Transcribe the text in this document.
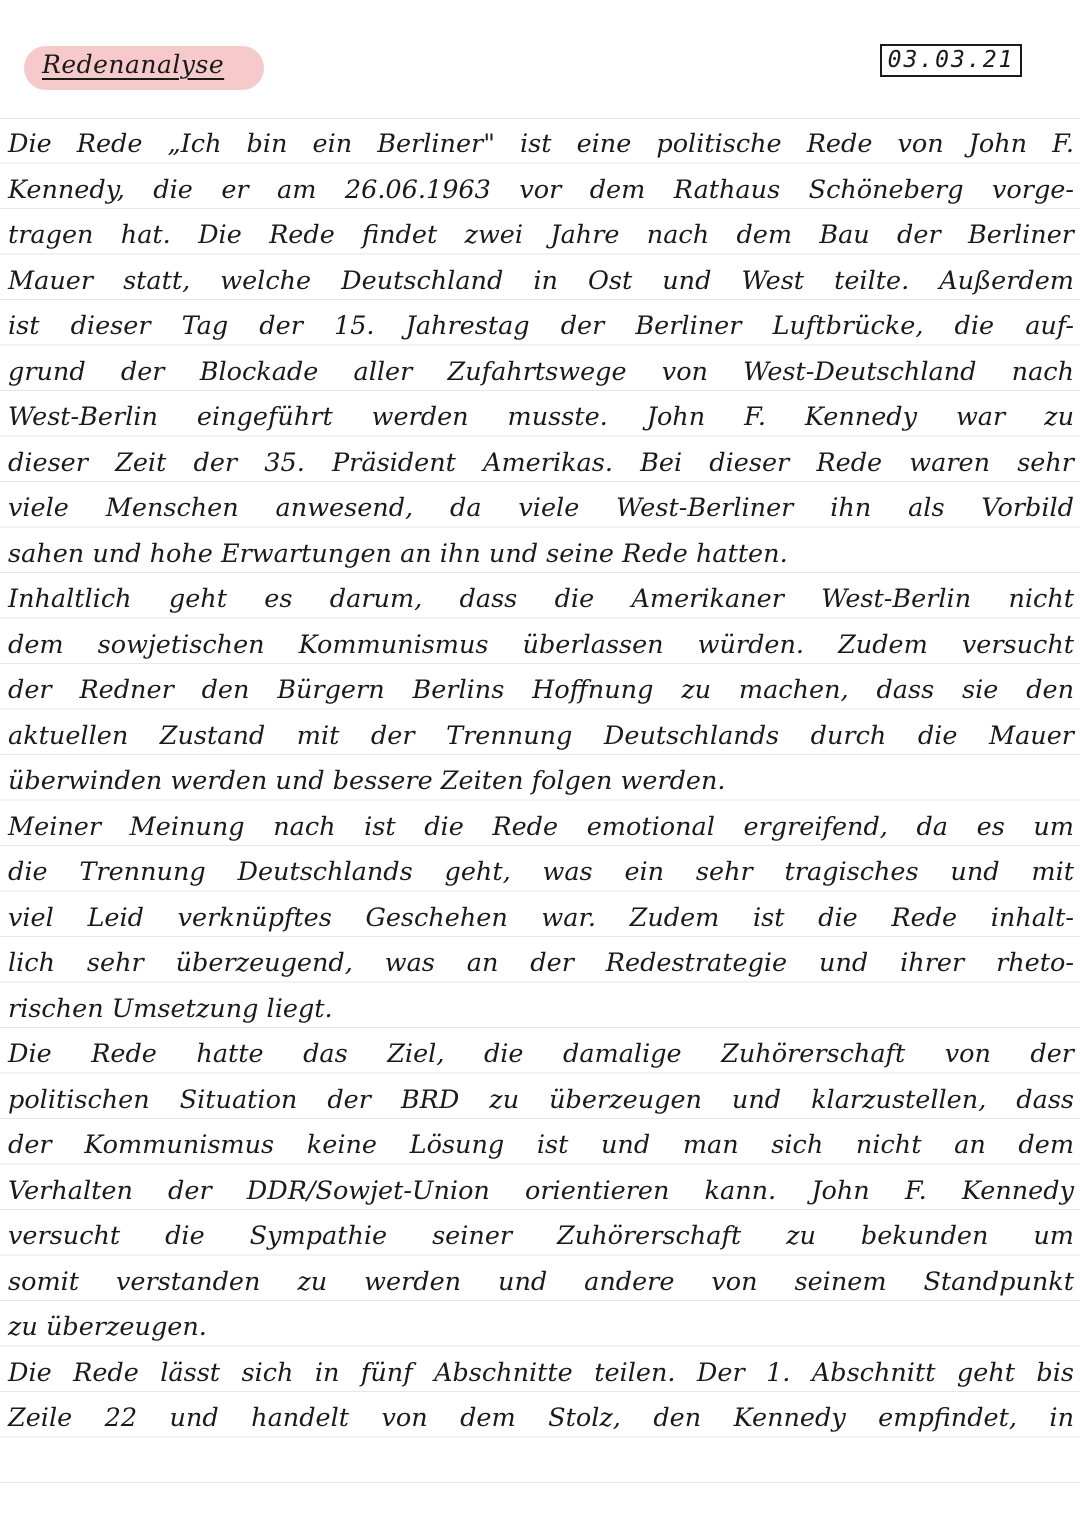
Redenanalyse	03.03.21
Die Rede „Ich bin ein Berliner" ist eine politische Rede von John F.
Kennedy, die er am 26.06.1963 vor dem Rathaus Schöneberg vorge-
tragen hat. Die Rede findet zwei Jahre nach dem Bau der Berliner
Mauer statt, welche Deutschland in Ost und West teilte. Außerdem
ist dieser Tag der 15. Jahrestag der Berliner Luftbrücke, die auf-
grund der Blockade aller Zufahrtswege von West-Deutschland nach
West-Berlin eingeführt werden musste. John F. Kennedy war zu
dieser Zeit der 35. Präsident Amerikas. Bei dieser Rede waren sehr
viele Menschen anwesend, da viele West-Berliner ihn als Vorbild
sahen und hohe Erwartungen an ihn und seine Rede hatten.
Inhaltlich geht es darum, dass die Amerikaner West-Berlin nicht
dem sowjetischen Kommunismus überlassen würden. Zudem versucht
der Redner den Bürgern Berlins Hoffnung zu machen, dass sie den
aktuellen Zustand mit der Trennung Deutschlands durch die Mauer
überwinden werden und bessere Zeiten folgen werden.
Meiner Meinung nach ist die Rede emotional ergreifend, da es um
die Trennung Deutschlands geht, was ein sehr tragisches und mit
viel Leid verknüpftes Geschehen war. Zudem ist die Rede inhalt-
lich sehr überzeugend, was an der Redestrategie und ihrer rheto-
rischen Umsetzung liegt.
Die Rede hatte das Ziel, die damalige Zuhörerschaft von der
politischen Situation der BRD zu überzeugen und klarzustellen, dass
der Kommunismus keine Lösung ist und man sich nicht an dem
Verhalten der DDR/Sowjet-Union orientieren kann. John F. Kennedy
versucht die Sympathie seiner Zuhörerschaft zu bekunden um
somit verstanden zu werden und andere von seinem Standpunkt
zu überzeugen.
Die Rede lässt sich in fünf Abschnitte teilen. Der 1. Abschnitt geht bis
Zeile 22 und handelt von dem Stolz, den Kennedy empfindet, in
